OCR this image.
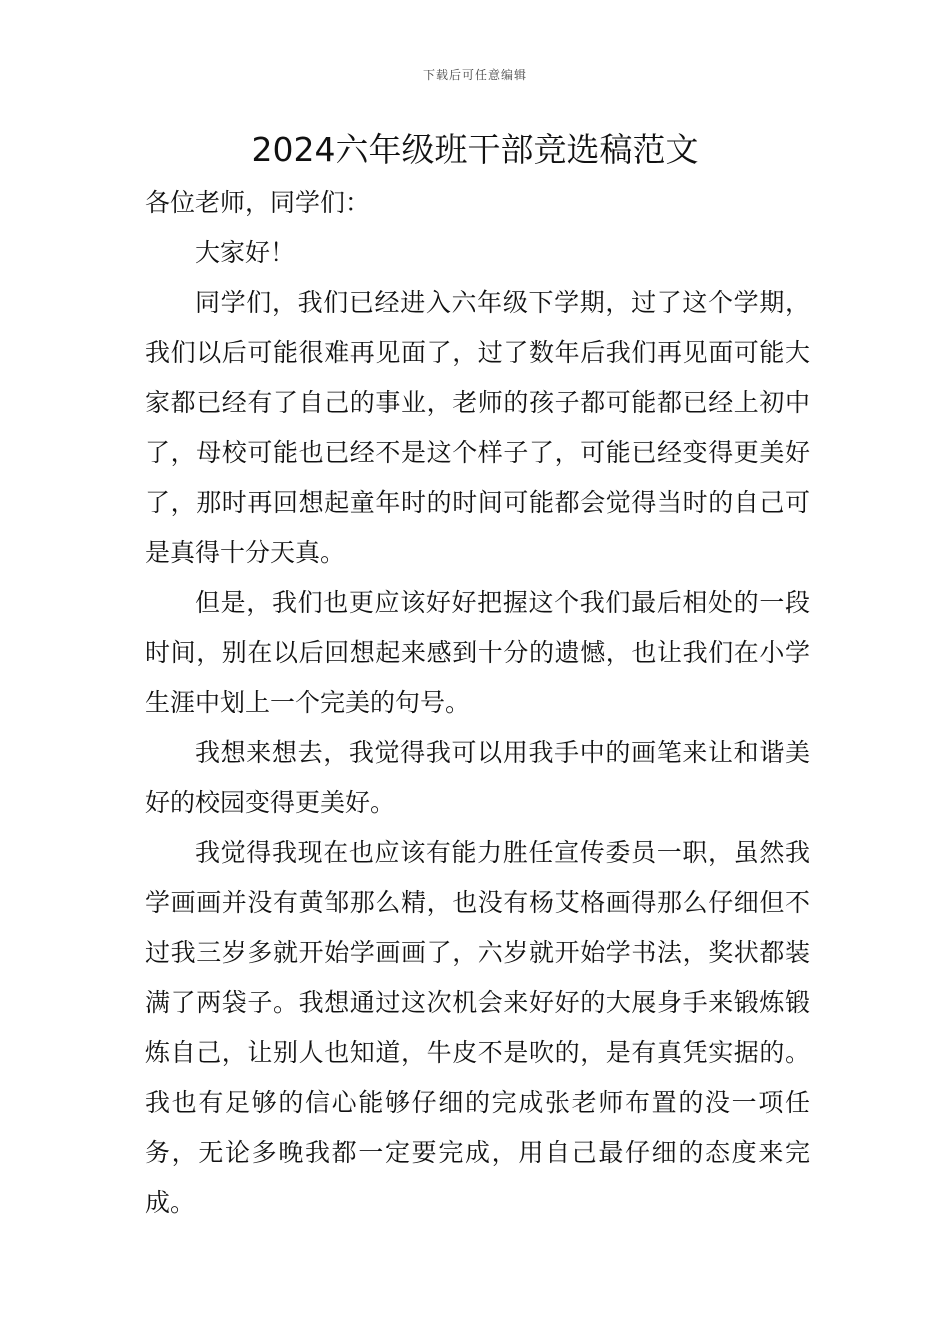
下载后可任意编辑
2024六年级班干部竞选稿范文

各位老师，同学们：

大家好！

同学们，我们已经进入六年级下学期，过了这个学期，我们以后可能很难再见面了，过了数年后我们再见面可能大家都已经有了自己的事业，老师的孩子都可能都已经上初中了，母校可能也已经不是这个样子了，可能已经变得更美好了，那时再回想起童年时的时间可能都会觉得当时的自己可是真得十分天真。

但是，我们也更应该好好把握这个我们最后相处的一段时间，别在以后回想起来感到十分的遗憾，也让我们在小学生涯中划上一个完美的句号。

我想来想去，我觉得我可以用我手中的画笔来让和谐美好的校园变得更美好。

我觉得我现在也应该有能力胜任宣传委员一职，虽然我学画画并没有黄邹那么精，也没有杨艾格画得那么仔细但不过我三岁多就开始学画画了，六岁就开始学书法，奖状都装满了两袋子。我想通过这次机会来好好的大展身手来锻炼锻炼自己，让别人也知道，牛皮不是吹的，是有真凭实据的。我也有足够的信心能够仔细的完成张老师布置的没一项任务，无论多晚我都一定要完成，用自己最仔细的态度来完成。
